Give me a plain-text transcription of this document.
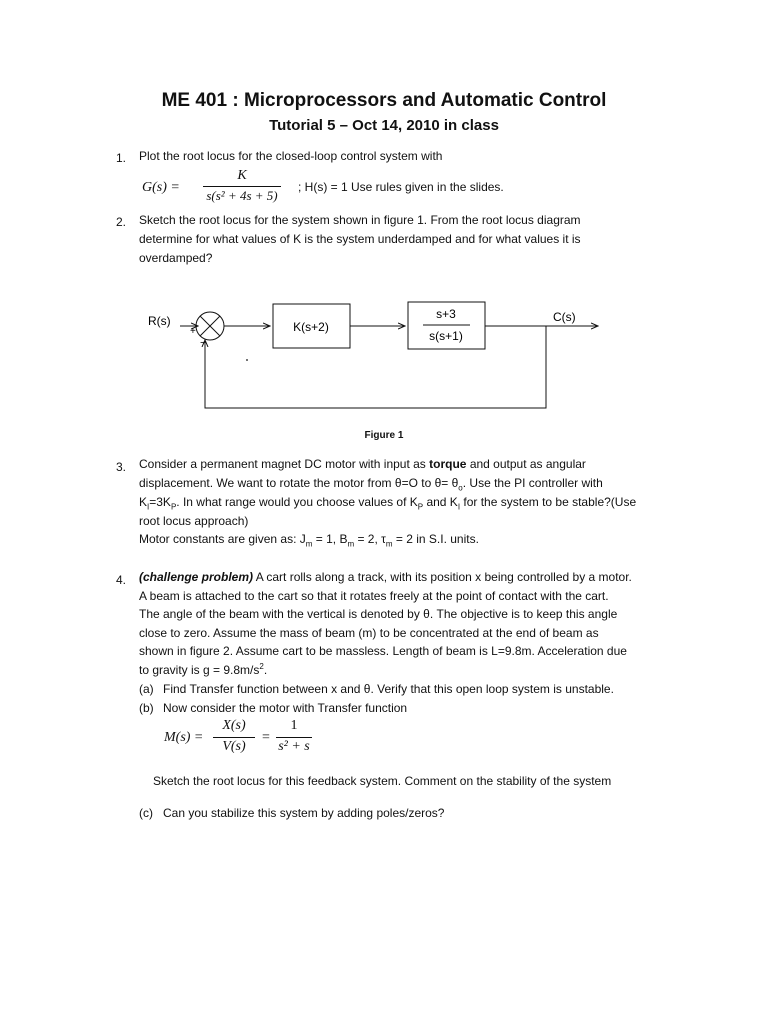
ME 401 : Microprocessors and Automatic Control
Tutorial 5 – Oct 14, 2010 in class
1. Plot the root locus for the closed-loop control system with
G(s) =
K
s(s² + 4s + 5)
; H(s) = 1 Use rules given in the slides.
2. Sketch the root locus for the system shown in figure 1. From the root locus diagram
determine for what values of K is the system underdamped and for what values it is
overdamped?
R(s)
+
−
K(s+2)
s+3
s(s+1)
C(s)
Figure 1
3. Consider a permanent magnet DC motor with input as torque and output as angular
displacement. We want to rotate the motor from θ=O to $\theta= \theta_o$. Use the PI controller with
$K_I=3K_P$. In what range would you choose values of $K_P$ and $K_I$ for the system to be stable?(Use
root locus approach)
Motor constants are given as: $J_m = 1$, $B_m = 2$, $\tau_m = 2$ in S.I. units.
4. (challenge problem) A cart rolls along a track, with its position x being controlled by a motor.
A beam is attached to the cart so that it rotates freely at the point of contact with the cart.
The angle of the beam with the vertical is denoted by θ. The objective is to keep this angle
close to zero. Assume the mass of beam (m) to be concentrated at the end of beam as
shown in figure 2. Assume cart to be massless. Length of beam is L=9.8m. Acceleration due
to gravity is $g = 9.8m/s^2$.
(a) Find Transfer function between x and θ. Verify that this open loop system is unstable.
(b) Now consider the motor with Transfer function
M(s) =
X(s)
V(s)
=
1
s² + s
Sketch the root locus for this feedback system. Comment on the stability of the system
(c) Can you stabilize this system by adding poles/zeros?
